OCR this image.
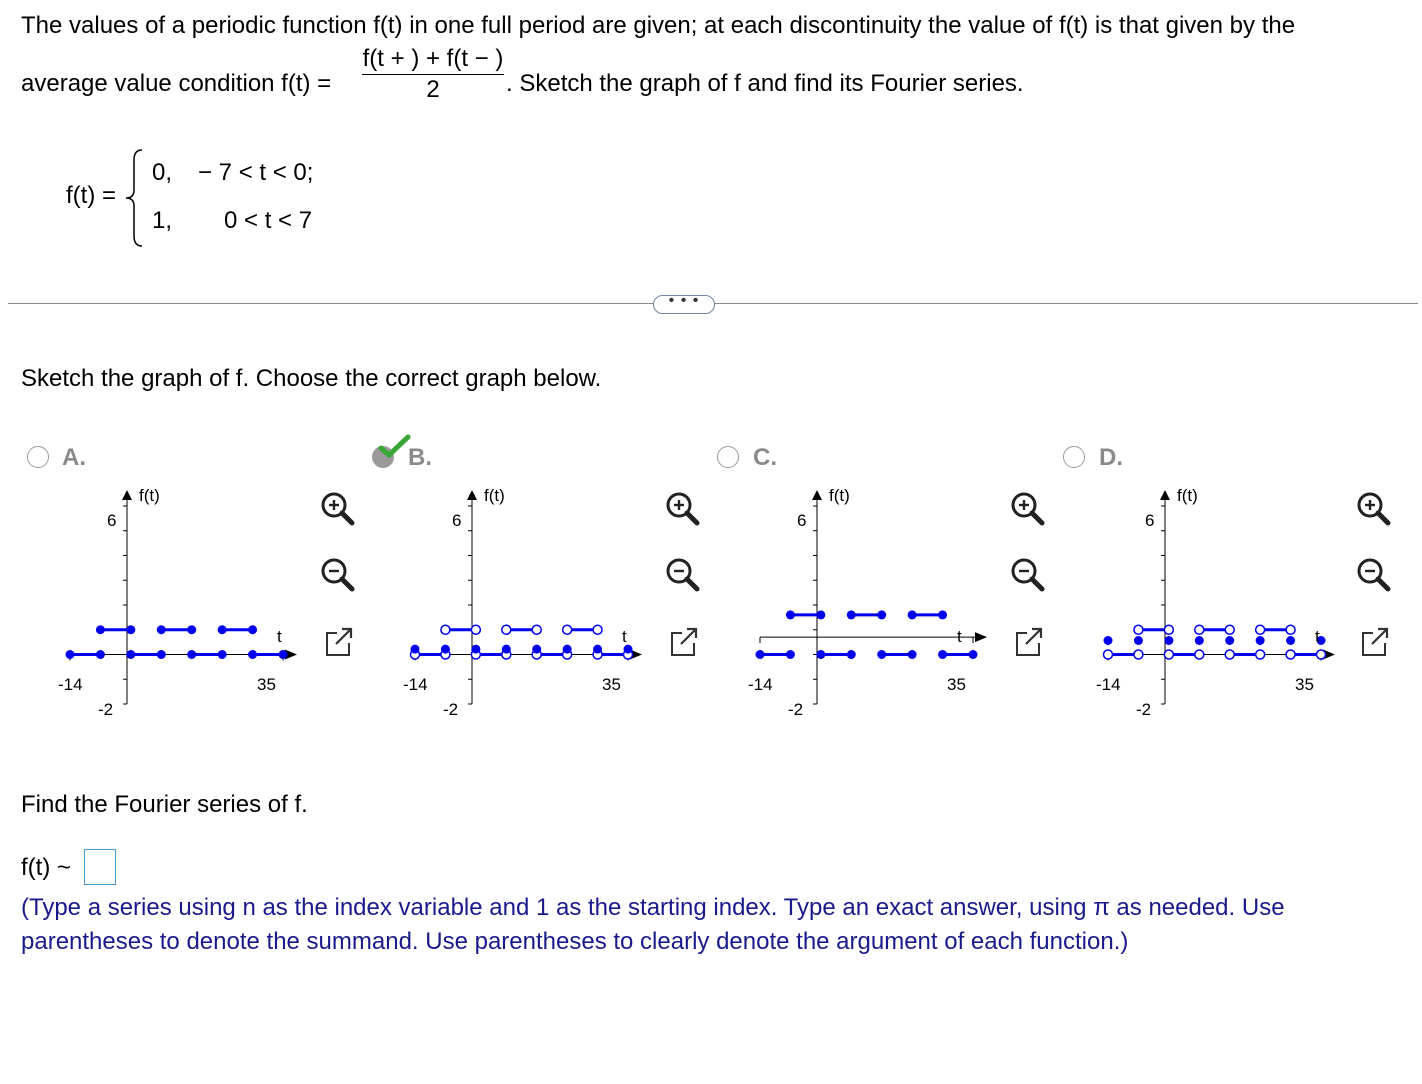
The values of a periodic function f(t) in one full period are given; at each discontinuity the value of f(t) is that given by the
average value condition f(t) =
f(t + ) + f(t − )
2	. Sketch the graph of f and find its Fourier series.
f(t) =
0, − 7 < t < 0;
1, 0 < t < 7
• • •
Sketch the graph of f. Choose the correct graph below.
A.	B.	C.	D.
f(t)
t
6
-2
-14	35
f(t)
t
6
-2
-14	35
f(t)
t
6
-2
-14	35
f(t)
t
6
-2
-14	35
Find the Fourier series of f.
f(t) ~
(Type a series using n as the index variable and 1 as the starting index. Type an exact answer, using π as needed. Use
parentheses to denote the summand. Use parentheses to clearly denote the argument of each function.)
